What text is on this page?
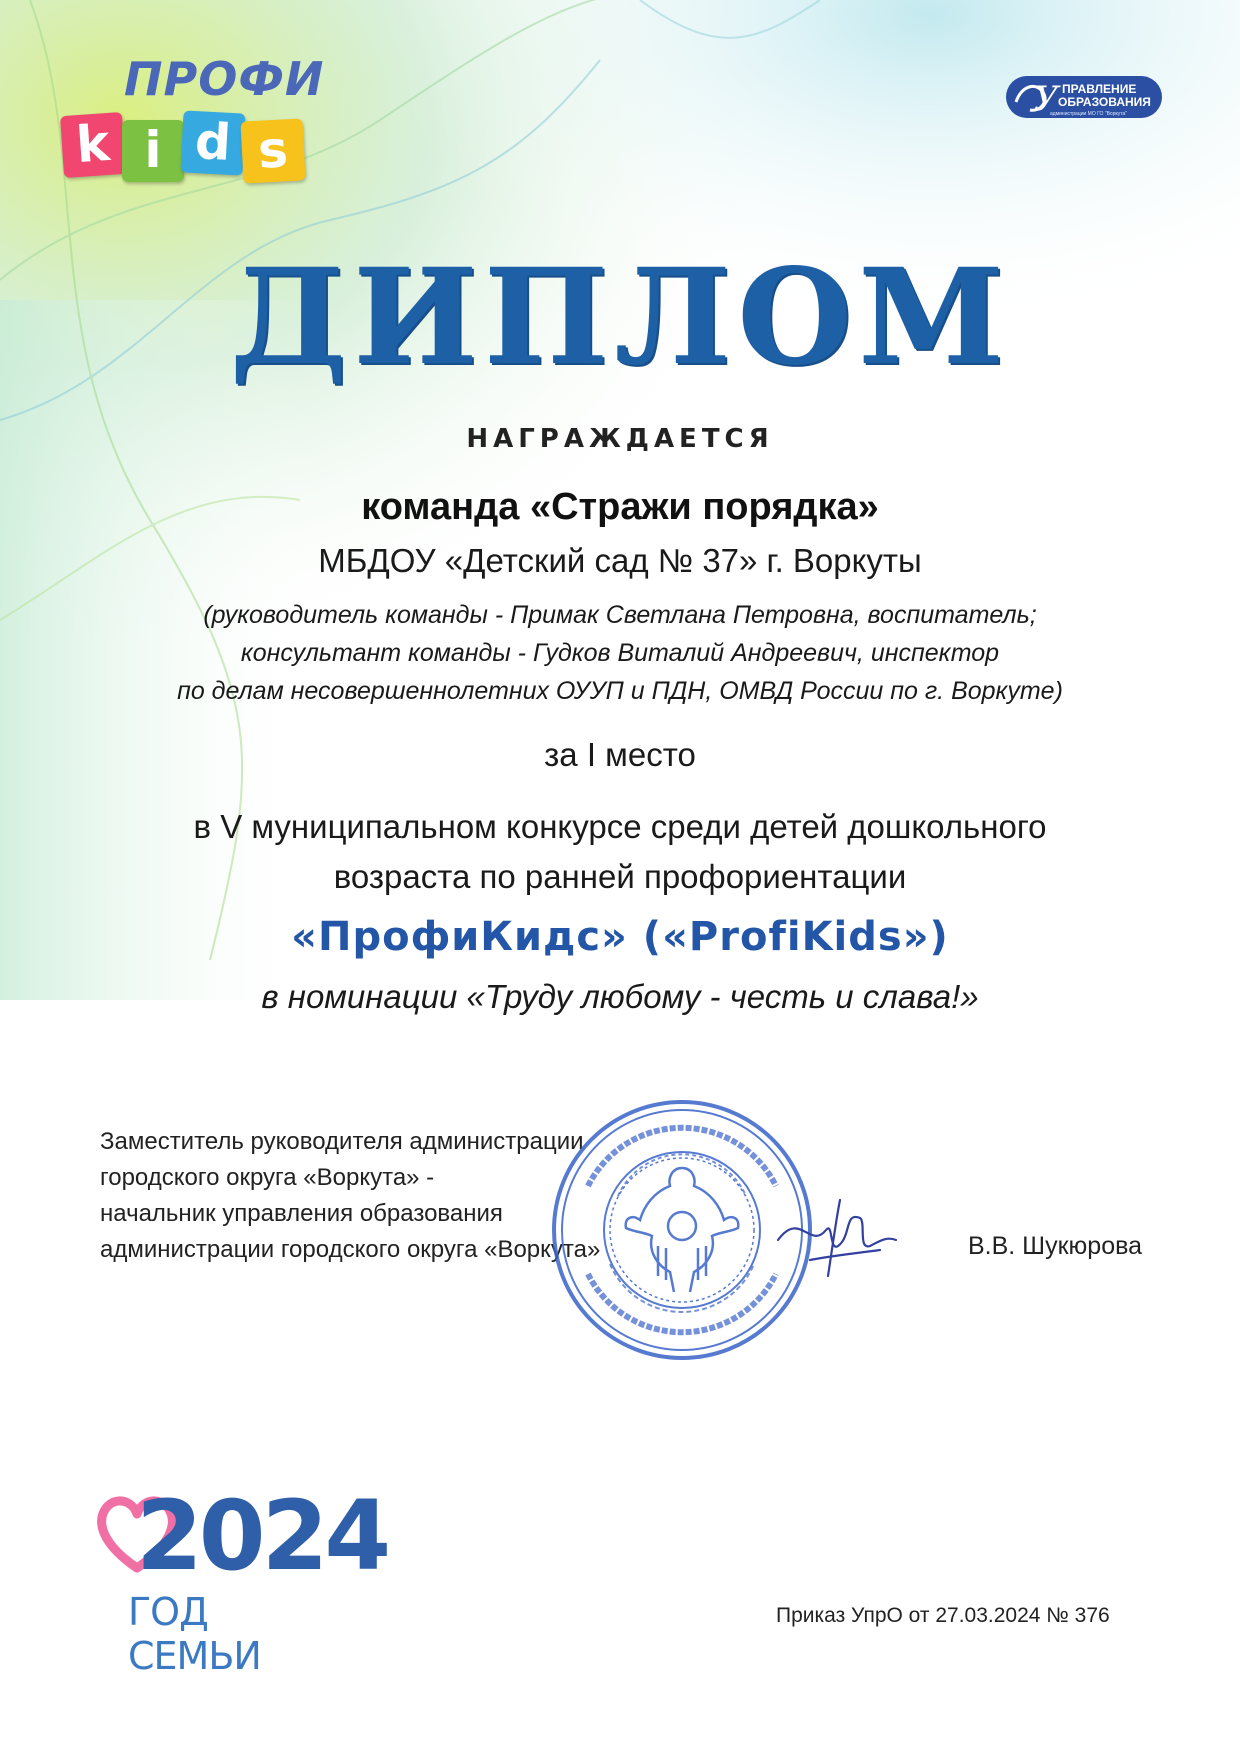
ПРОФИ
k i d s
У ПРАВЛЕНИЕ
ОБРАЗОВАНИЯ
администрации МО ГО "Воркута"
ДИПЛОМ
НАГРАЖДАЕТСЯ
команда «Стражи порядка»
МБДОУ «Детский сад № 37» г. Воркуты
(руководитель команды - Примак Светлана Петровна, воспитатель;
консультант команды - Гудков Виталий Андреевич, инспектор
по делам несовершеннолетних ОУУП и ПДН, ОМВД России по г. Воркуте)
за I место
в V муниципальном конкурсе среди детей дошкольного
возраста по ранней профориентации
«ПрофиКидс» («ProfiKids»)
в номинации «Труду любому - честь и слава!»
Заместитель руководителя администрации
городского округа «Воркута» -
начальник управления образования
администрации городского округа «Воркута»	В.В. Шукюрова
2024
ГОД СЕМЬИ
Приказ УпрО от 27.03.2024 № 376
